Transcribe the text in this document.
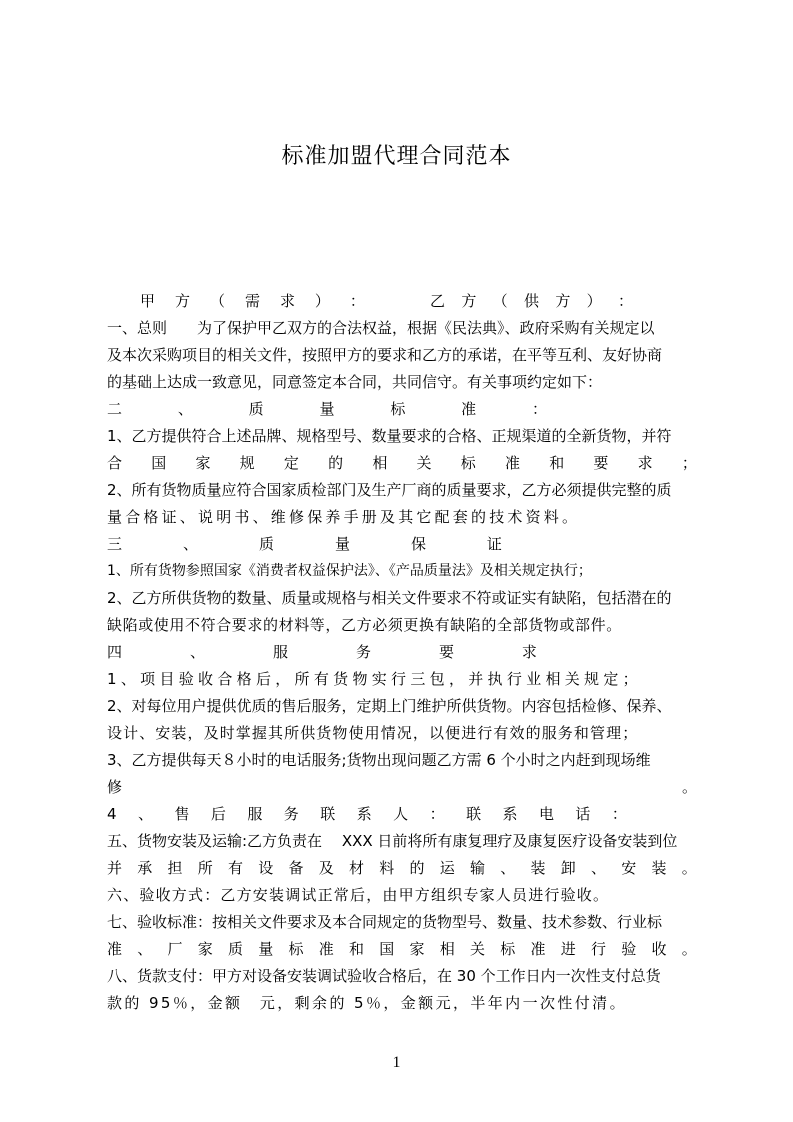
标准加盟代理合同范本
甲 方 （ 需 求 ） ：	乙 方 （ 供 方 ） ：
一、总则 为了保护甲乙双方的合法权益，根据《民法典》、政府采购有关规定以
及本次采购项目的相关文件，按照甲方的要求和乙方的承诺，在平等互利、友好协商
的基础上达成一致意见，同意签定本合同，共同信守。有关事项约定如下：
二	、	质	量	标	准	：
1、乙方提供符合上述品牌、规格型号、数量要求的合格、正规渠道的全新货物，并符
合 国 家 规 定 的 相 关 标 准 和 要 求 ；
2、所有货物质量应符合国家质检部门及生产厂商的质量要求，乙方必须提供完整的质
量合格证、说明书、维修保养手册及其它配套的技术资料。
三	、	质	量	保	证
1、所有货物参照国家《消费者权益保护法》、《产品质量法》及相关规定执行；
2、乙方所供货物的数量、质量或规格与相关文件要求不符或证实有缺陷，包括潜在的
缺陷或使用不符合要求的材料等，乙方必须更换有缺陷的全部货物或部件。
四	、	服	务	要	求
1、项目验收合格后，所有货物实行三包，并执行业相关规定；
2、对每位用户提供优质的售后服务，定期上门维护所供货物。内容包括检修、保养、
设计、安装，及时掌握其所供货物使用情况，以便进行有效的服务和管理；
3、乙方提供每天８小时的电话服务;货物出现问题乙方需 6 个小时之内赶到现场维
修	。
4 、 售 后 服 务 联 系 人 ： 联 系 电 话 ：
五、货物安装及运输:乙方负责在　 XXX 日前将所有康复理疗及康复医疗设备安装到位
并 承 担 所 有 设 备 及 材 料 的 运 输 、 装 卸 、 安 装 。
六、验收方式：乙方安装调试正常后，由甲方组织专家人员进行验收。
七、验收标准：按相关文件要求及本合同规定的货物型号、数量、技术参数、行业标
准 、 厂 家 质 量 标 准 和 国 家 相 关 标 准 进 行 验 收 。
八、货款支付：甲方对设备安装调试验收合格后，在 30 个工作日内一次性支付总货
款的 95％，金额　元，剩余的 5％，金额元，半年内一次性付清。
1
